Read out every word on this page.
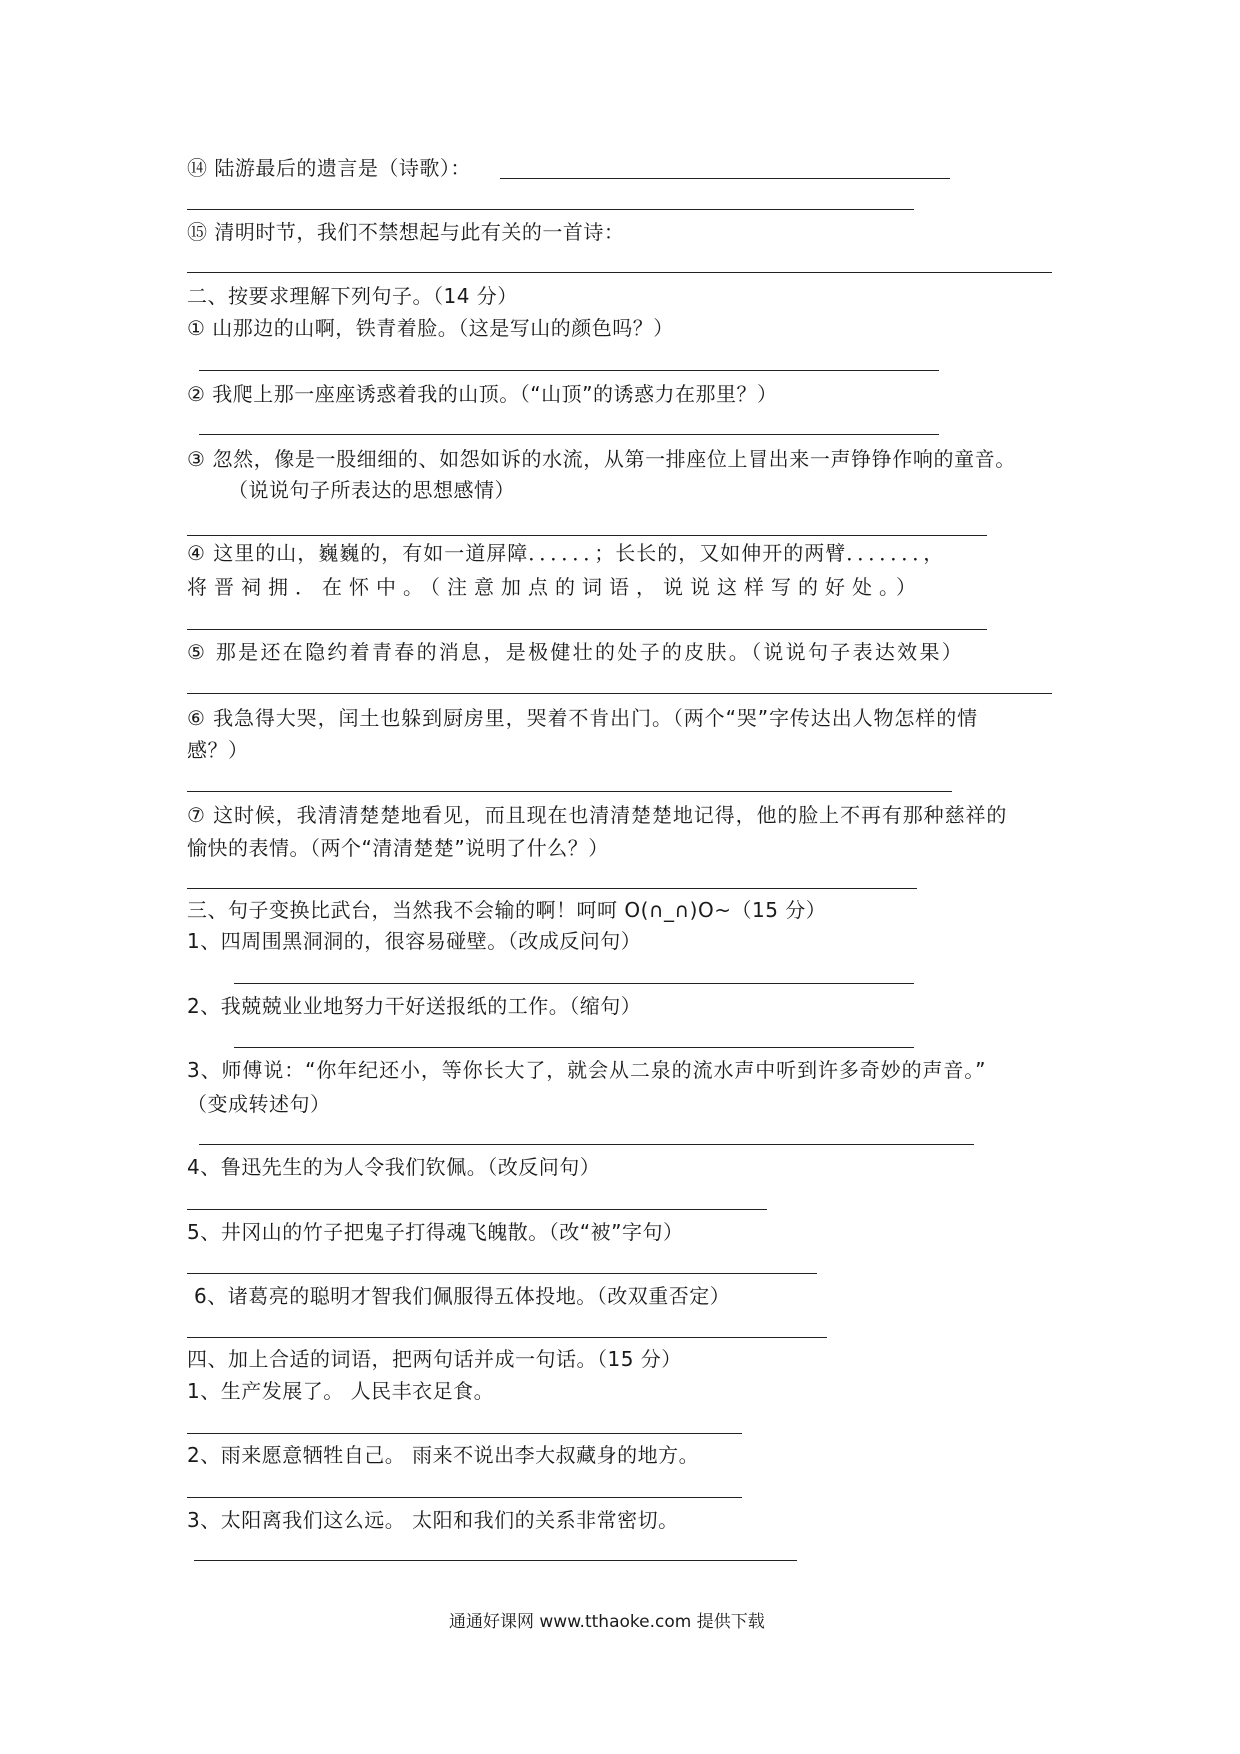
⑭ 陆游最后的遗言是（诗歌）：
⑮ 清明时节，我们不禁想起与此有关的一首诗：
二、按要求理解下列句子。（14 分）
① 山那边的山啊，铁青着脸。（这是写山的颜色吗？）
② 我爬上那一座座诱惑着我的山顶。（“山顶”的诱惑力在那里？）
③ 忽然，像是一股细细的、如怨如诉的水流，从第一排座位上冒出来一声铮铮作响的童音。
（说说句子所表达的思想感情）
④ 这里的山，巍巍的，有如一道屏障．．．．．．；长长的，又如伸开的两臂．．．．．．．，
将晋祠拥．在怀中。（注意加点的词语，说说这样写的好处。）
⑤ 那是还在隐约着青春的消息，是极健壮的处子的皮肤。（说说句子表达效果）
⑥ 我急得大哭，闰土也躲到厨房里，哭着不肯出门。（两个“哭”字传达出人物怎样的情
感？）
⑦ 这时候，我清清楚楚地看见，而且现在也清清楚楚地记得，他的脸上不再有那种慈祥的
愉快的表情。（两个“清清楚楚”说明了什么？）
三、句子变换比武台，当然我不会输的啊！呵呵 O(∩_∩)O~（15 分）
1、四周围黑洞洞的，很容易碰壁。（改成反问句）
2、我兢兢业业地努力干好送报纸的工作。（缩句）
3、师傅说：“你年纪还小，等你长大了，就会从二泉的流水声中听到许多奇妙的声音。”
（变成转述句）
4、鲁迅先生的为人令我们钦佩。（改反问句）
5、井冈山的竹子把鬼子打得魂飞魄散。（改“被”字句）
6、诸葛亮的聪明才智我们佩服得五体投地。（改双重否定）
四、加上合适的词语，把两句话并成一句话。（15 分）
1、生产发展了。 人民丰衣足食。
2、雨来愿意牺牲自己。 雨来不说出李大叔藏身的地方。
3、太阳离我们这么远。 太阳和我们的关系非常密切。
通通好课网 www.tthaoke.com 提供下载
